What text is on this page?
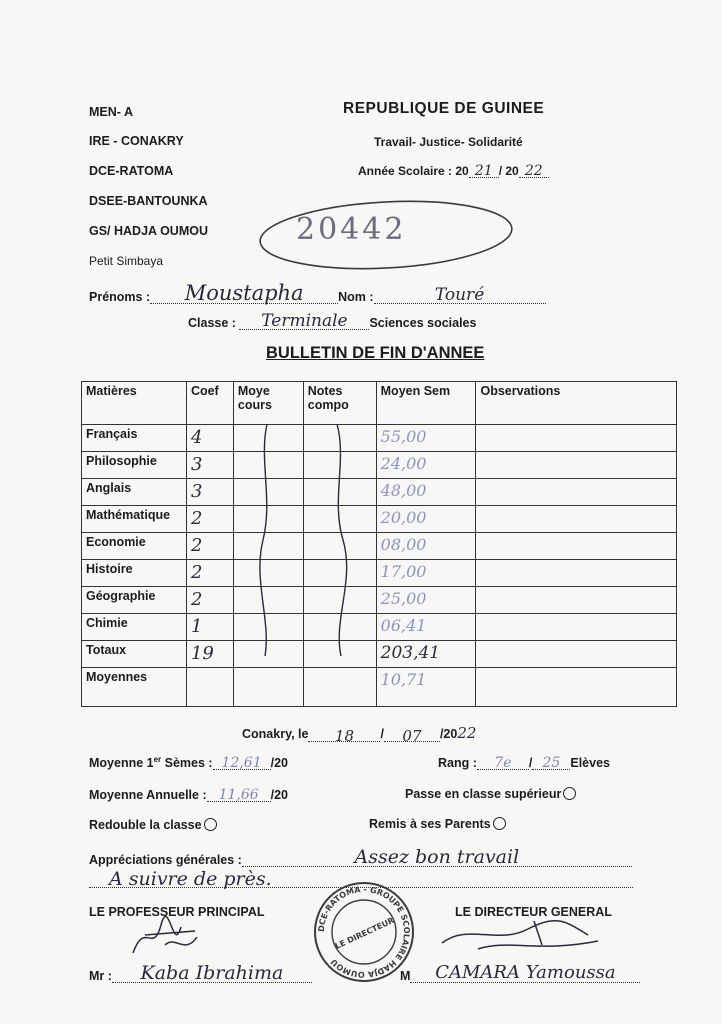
MEN- A
IRE - CONAKRY
DCE-RATOMA
DSEE-BANTOUNKA
GS/ HADJA OUMOU
Petit Simbaya
REPUBLIQUE DE GUINEE
Travail- Justice- Solidarité
Année Scolaire : 20 21 / 20 22
20442
Prénoms : Moustapha	Nom :	Touré
Classe : Terminale Sciences sociales
BULLETIN DE FIN D'ANNEE
Matières	Coef	Moye cours	Notes compo	Moyen Sem	Observations
Français	4			55,00	
Philosophie	3			24,00	
Anglais	3			48,00	
Mathématique	2			20,00	
Economie	2			08,00	
Histoire	2			17,00	
Géographie	2			25,00	
Chimie	1			06,41	
Totaux	19			203,41	
Moyennes				10,71	
Conakry, le 18 / 07 /2022
Moyenne 1er Sèmes : 12,61 /20	Rang : 7e / 25 Elèves
Moyenne Annuelle : 11,66 /20	Passe en classe supérieur
Redouble la classe	Remis à ses Parents
Appréciations générales :	Assez bon travail
A suivre de près.
LE PROFESSEUR PRINCIPAL	LE DIRECTEUR GENERAL
DCE-RATOMA - GROUPE SCOLAIRE HADJA OUMOU
LE DIRECTEUR
Mr : Kaba Ibrahima	M CAMARA Yamoussa
